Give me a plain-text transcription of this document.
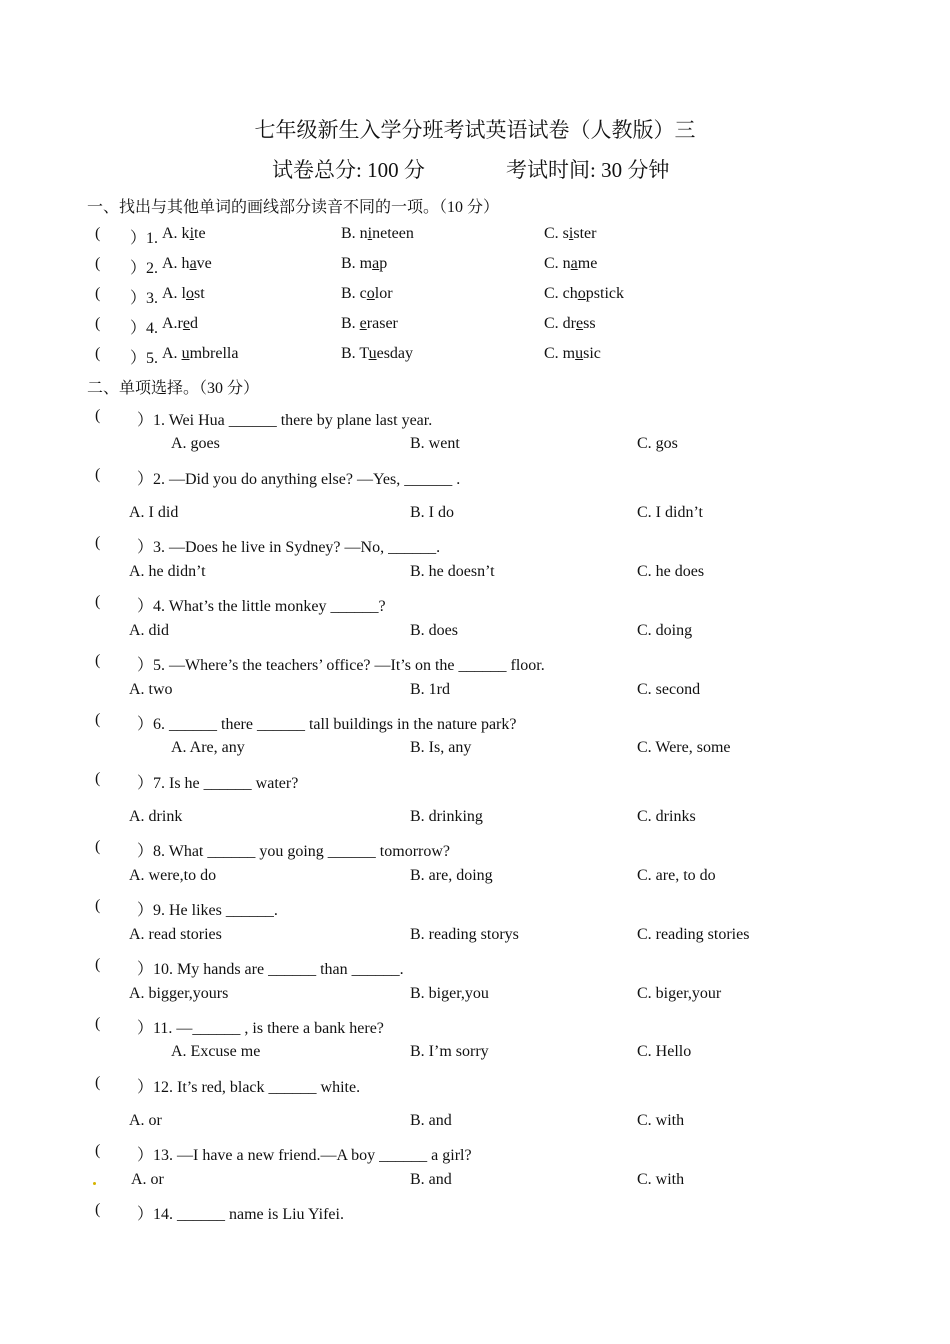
七年级新生入学分班考试英语试卷（人教版）三
试卷总分: 100 分	考试时间: 30 分钟
一、找出与其他单词的画线部分读音不同的一项。（10 分）
( ）1. A. kite	B. nineteen	C. sister
( ）2. A. have	B. map	C. name
( ）3. A. lost	B. color	C. chopstick
( ）4. A.red	B. eraser	C. dress
( ）5. A. umbrella	B. Tuesday	C. music
二、单项选择。（30 分）
( ）1. Wei Hua ______ there by plane last year.
A. goes	B. went	C. gos
( ）2. —Did you do anything else? —Yes, ______ .
A. I did	B. I do	C. I didn’t
( ）3. —Does he live in Sydney? —No, ______.
A. he didn’t	B. he doesn’t	C. he does
( ）4. What’s the little monkey ______?
A. did	B. does	C. doing
( ）5. —Where’s the teachers’ office? —It’s on the ______ floor.
A. two	B. 1rd	C. second
( ）6. ______ there ______ tall buildings in the nature park?
A. Are, any	B. Is, any	C. Were, some
( ）7. Is he ______ water?
A. drink	B. drinking	C. drinks
( ）8. What ______ you going ______ tomorrow?
A. were,to do	B. are, doing	C. are, to do
( ）9. He likes ______.
A. read stories	B. reading storys	C. reading stories
( ）10. My hands are ______ than ______.
A. bigger,yours	B. biger,you	C. biger,your
( ）11. —______ , is there a bank here?
A. Excuse me	B. I’m sorry	C. Hello
( ）12. It’s red, black ______ white.
A. or	B. and	C. with
( ）13. —I have a new friend.—A boy ______ a girl?
A. or	B. and	C. with
( ）14. ______ name is Liu Yifei.
